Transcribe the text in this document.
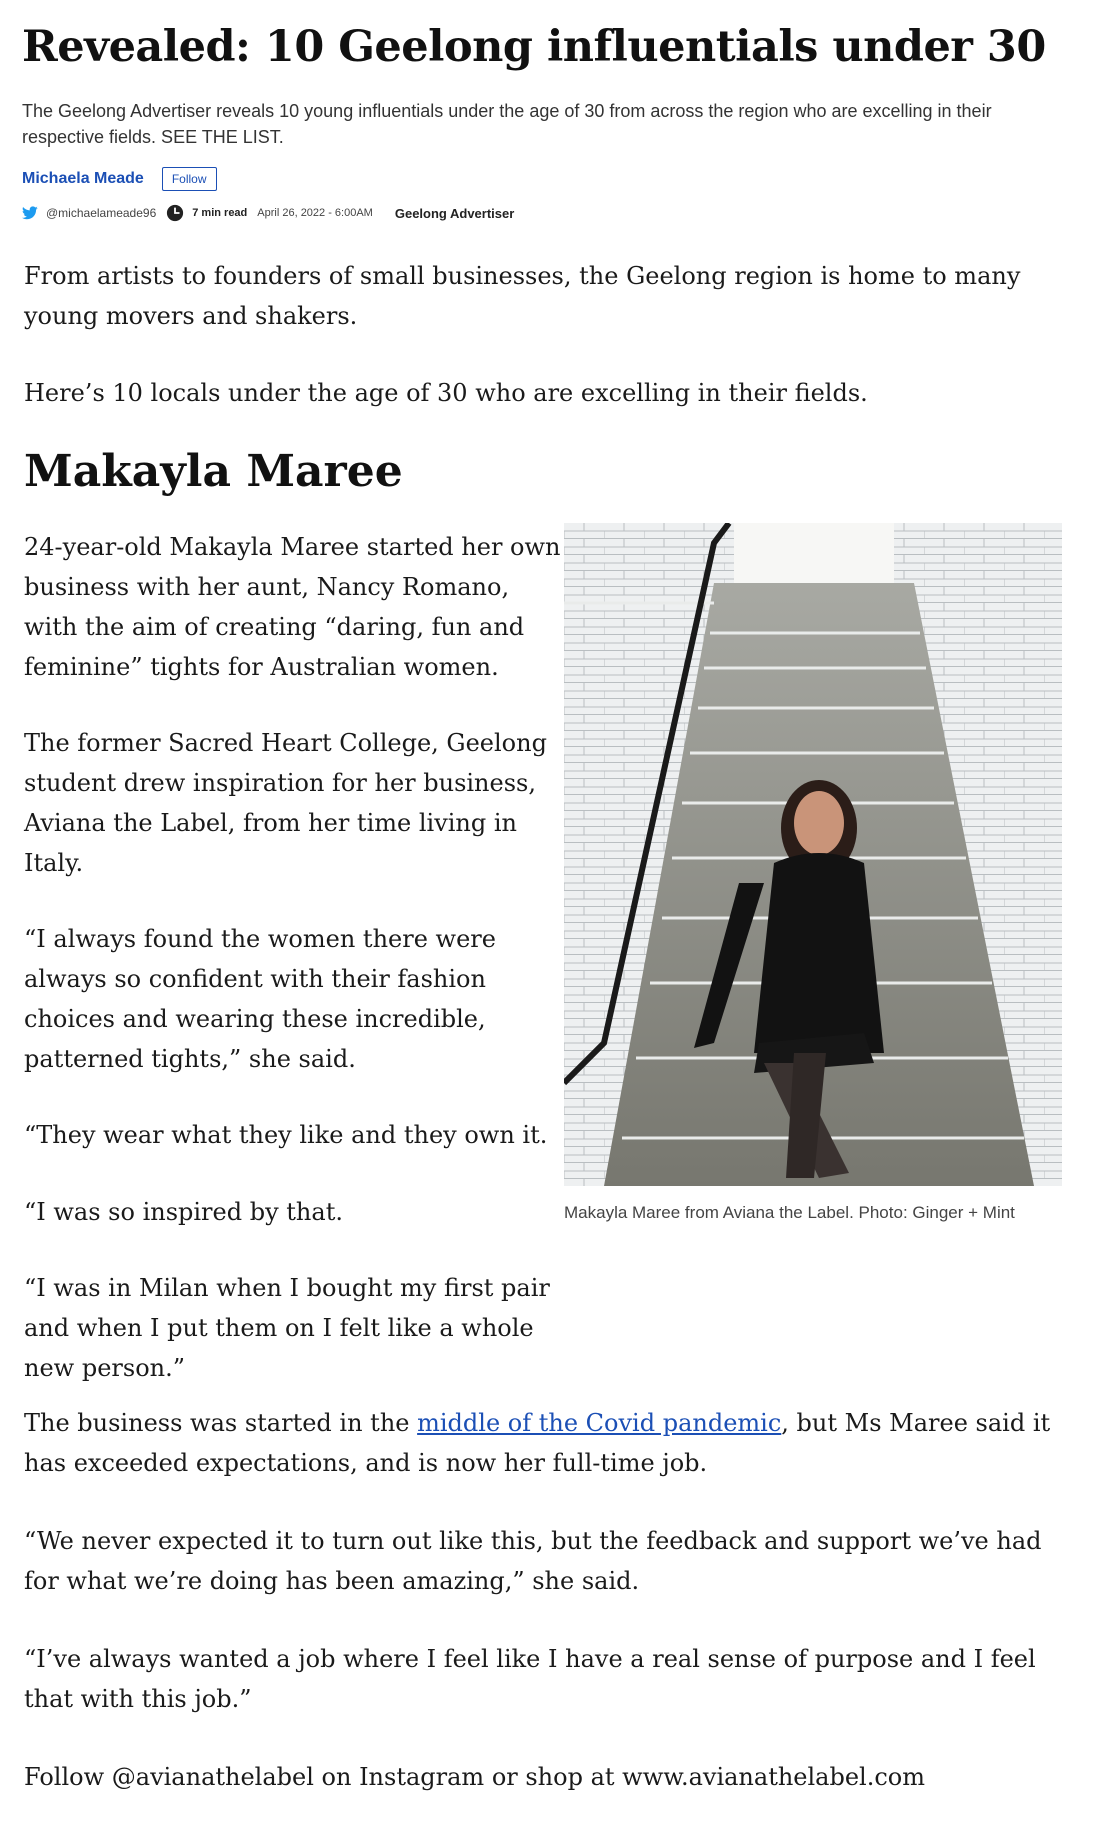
Revealed: 10 Geelong influentials under 30

The Geelong Advertiser reveals 10 young influentials under the age of 30 from across the region who are excelling in their respective fields. SEE THE LIST.

Michaela Meade	Follow
@michaelameade96	7 min read April 26, 2022 - 6:00AM Geelong Advertiser

From artists to founders of small businesses, the Geelong region is home to many young movers and shakers.

Here’s 10 locals under the age of 30 who are excelling in their fields.

Makayla Maree

24-year-old Makayla Maree started her own business with her aunt, Nancy Romano, with the aim of creating “daring, fun and feminine” tights for Australian women.

The former Sacred Heart College, Geelong student drew inspiration for her business, Aviana the Label, from her time living in Italy.

“I always found the women there were always so confident with their fashion choices and wearing these incredible, patterned tights,” she said.

“They wear what they like and they own it.

“I was so inspired by that.

“I was in Milan when I bought my first pair and when I put them on I felt like a whole new person.”

Makayla Maree from Aviana the Label. Photo: Ginger + Mint

The business was started in the middle of the Covid pandemic, but Ms Maree said it has exceeded expectations, and is now her full-time job.

“We never expected it to turn out like this, but the feedback and support we’ve had for what we’re doing has been amazing,” she said.

“I’ve always wanted a job where I feel like I have a real sense of purpose and I feel that with this job.”

Follow @avianathelabel on Instagram or shop at www.avianathelabel.com
